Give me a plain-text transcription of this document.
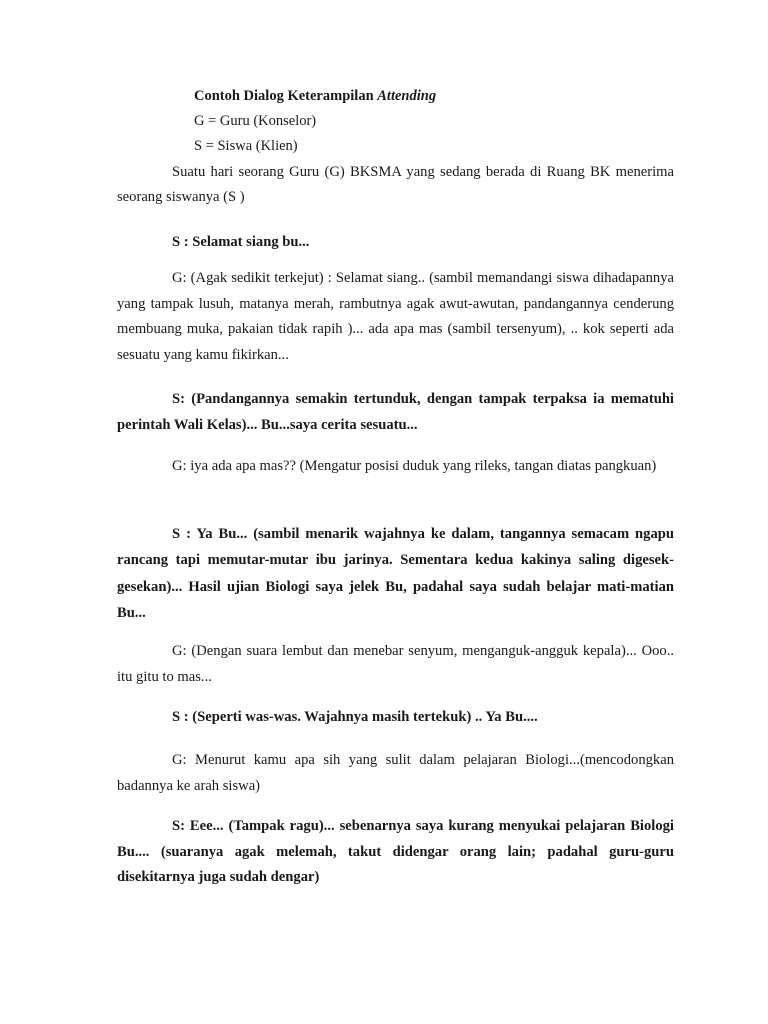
Contoh Dialog Keterampilan Attending
G = Guru (Konselor)
S = Siswa (Klien)

Suatu hari seorang Guru (G) BKSMA yang sedang berada di Ruang BK menerima seorang siswanya (S )

S : Selamat siang bu...

G: (Agak sedikit terkejut) : Selamat siang.. (sambil memandangi siswa dihadapannya yang tampak lusuh, matanya merah, rambutnya agak awut-awutan, pandangannya cenderung membuang muka, pakaian tidak rapih )... ada apa mas (sambil tersenyum), .. kok seperti ada sesuatu yang kamu fikirkan...

S: (Pandangannya semakin tertunduk, dengan tampak terpaksa ia mematuhi perintah Wali Kelas)... Bu...saya cerita sesuatu...

G: iya ada apa mas?? (Mengatur posisi duduk yang rileks, tangan diatas pangkuan)

S : Ya Bu... (sambil menarik wajahnya ke dalam, tangannya semacam ngapu rancang tapi memutar-mutar ibu jarinya. Sementara kedua kakinya saling digesek-gesekan)... Hasil ujian Biologi saya jelek Bu, padahal saya sudah belajar mati-matian Bu...

G: (Dengan suara lembut dan menebar senyum, menganguk-angguk kepala)... Ooo.. itu gitu to mas...

S : (Seperti was-was. Wajahnya masih tertekuk) .. Ya Bu....

G: Menurut kamu apa sih yang sulit dalam pelajaran Biologi...(mencodongkan badannya ke arah siswa)

S: Eee... (Tampak ragu)... sebenarnya saya kurang menyukai pelajaran Biologi Bu.... (suaranya agak melemah, takut didengar orang lain; padahal guru-guru disekitarnya juga sudah dengar)
